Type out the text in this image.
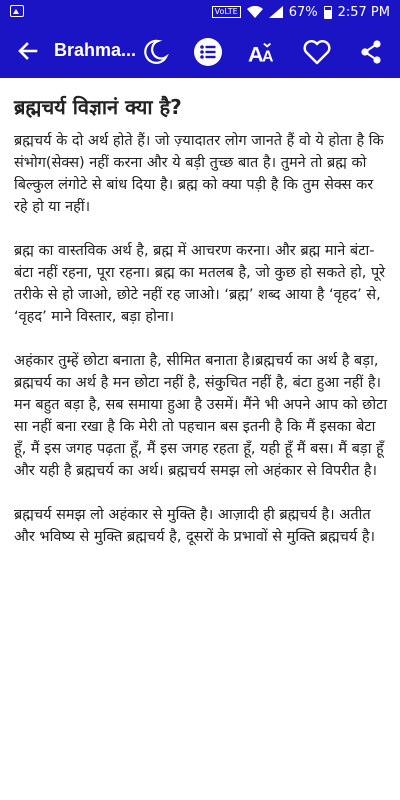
VoLTE	67% 2:57 PM
Brahma...	A
A
ब्रह्मचर्य विज्ञानं क्या है?

ब्रह्मचर्य के दो अर्थ होते हैं। जो ज़्यादातर लोग जानते हैं वो ये होता है कि संभोग(सेक्स) नहीं करना और ये बड़ी तुच्छ बात है। तुमने तो ब्रह्म को बिल्कुल लंगोटे से बांध दिया है। ब्रह्म को क्या पड़ी है कि तुम सेक्स कर रहे हो या नहीं।

ब्रह्म का वास्तविक अर्थ है, ब्रह्म में आचरण करना। और ब्रह्म माने बंटा-बंटा नहीं रहना, पूरा रहना। ब्रह्म का मतलब है, जो कुछ हो सकते हो, पूरे तरीके से हो जाओ, छोटे नहीं रह जाओ। ‘ब्रह्म’ शब्द आया है ‘वृहद’ से, ‘वृहद’ माने विस्तार, बड़ा होना।

अहंकार तुम्हें छोटा बनाता है, सीमित बनाता है।ब्रह्मचर्य का अर्थ है बड़ा, ब्रह्मचर्य का अर्थ है मन छोटा नहीं है, संकुचित नहीं है, बंटा हुआ नहीं है। मन बहुत बड़ा है, सब समाया हुआ है उसमें। मैंने भी अपने आप को छोटा सा नहीं बना रखा है कि मेरी तो पहचान बस इतनी है कि मैं इसका बेटा हूँ, मैं इस जगह पढ़ता हूँ, मैं इस जगह रहता हूँ, यही हूँ मैं बस। मैं बड़ा हूँ और यही है ब्रह्मचर्य का अर्थ। ब्रह्मचर्य समझ लो अहंकार से विपरीत है।

ब्रह्मचर्य समझ लो अहंकार से मुक्ति है। आज़ादी ही ब्रह्मचर्य है। अतीत और भविष्य से मुक्ति ब्रह्मचर्य है, दूसरों के प्रभावों से मुक्ति ब्रह्मचर्य है।
